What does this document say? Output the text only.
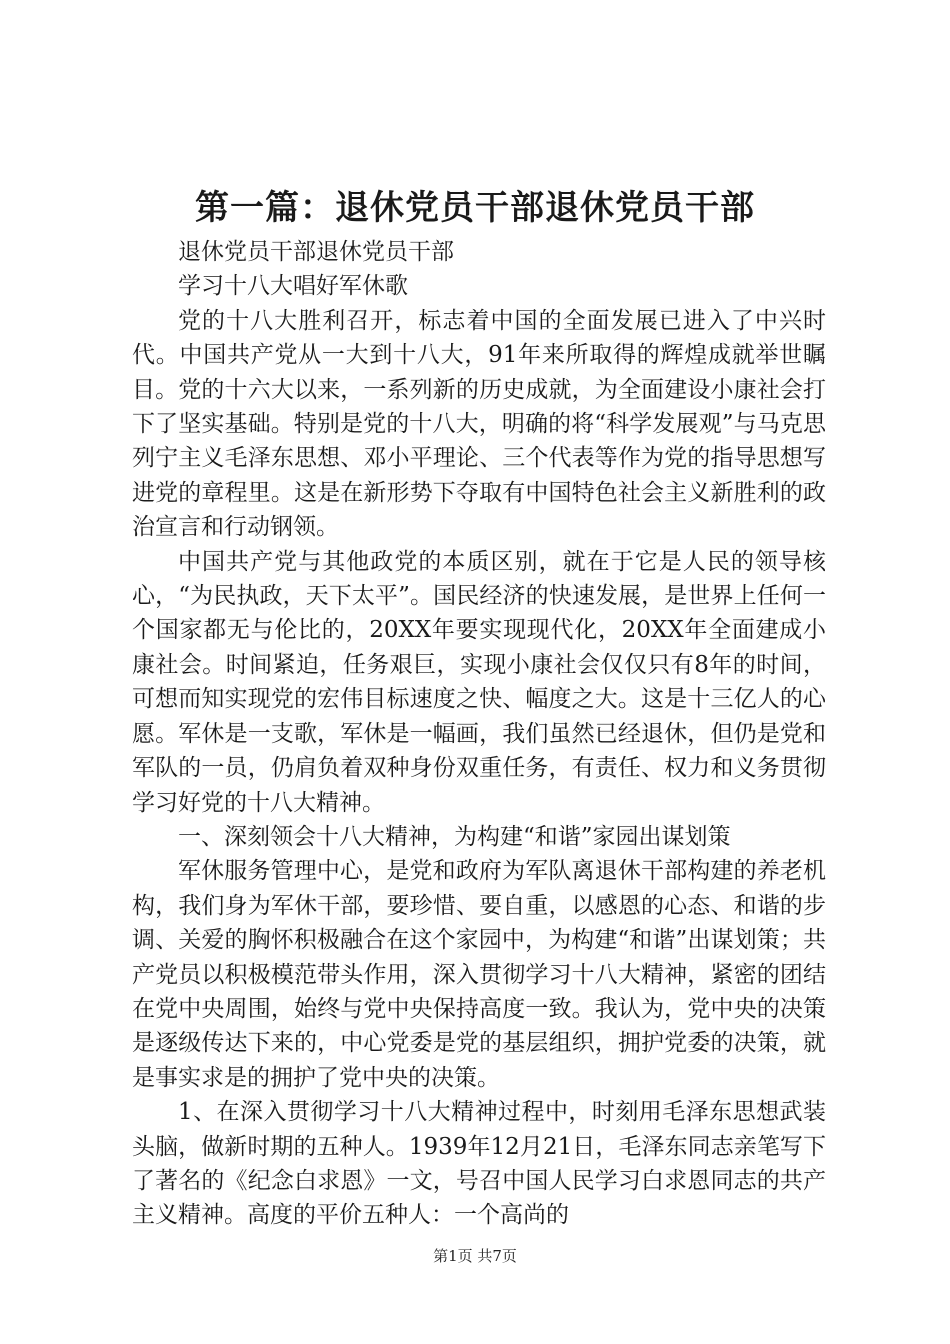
第一篇：退休党员干部退休党员干部

退休党员干部退休党员干部

学习十八大唱好军休歌

党的十八大胜利召开，标志着中国的全面发展已进入了中兴时代。中国共产党从一大到十八大，91年来所取得的辉煌成就举世瞩目。党的十六大以来，一系列新的历史成就，为全面建设小康社会打下了坚实基础。特别是党的十八大，明确的将“科学发展观”与马克思列宁主义毛泽东思想、邓小平理论、三个代表等作为党的指导思想写进党的章程里。这是在新形势下夺取有中国特色社会主义新胜利的政治宣言和行动钢领。

中国共产党与其他政党的本质区别，就在于它是人民的领导核心，“为民执政，天下太平”。国民经济的快速发展，是世界上任何一个国家都无与伦比的，20XX年要实现现代化，20XX年全面建成小康社会。时间紧迫，任务艰巨，实现小康社会仅仅只有8年的时间，可想而知实现党的宏伟目标速度之快、幅度之大。这是十三亿人的心愿。军休是一支歌，军休是一幅画，我们虽然已经退休，但仍是党和军队的一员，仍肩负着双种身份双重任务，有责任、权力和义务贯彻学习好党的十八大精神。

一、深刻领会十八大精神，为构建“和谐”家园出谋划策

军休服务管理中心，是党和政府为军队离退休干部构建的养老机构，我们身为军休干部，要珍惜、要自重，以感恩的心态、和谐的步调、关爱的胸怀积极融合在这个家园中，为构建“和谐”出谋划策；共产党员以积极模范带头作用，深入贯彻学习十八大精神，紧密的团结在党中央周围，始终与党中央保持高度一致。我认为，党中央的决策是逐级传达下来的，中心党委是党的基层组织，拥护党委的决策，就是事实求是的拥护了党中央的决策。

1、在深入贯彻学习十八大精神过程中，时刻用毛泽东思想武装头脑，做新时期的五种人。1939年12月21日，毛泽东同志亲笔写下了著名的《纪念白求恩》一文，号召中国人民学习白求恩同志的共产主义精神。高度的平价五种人：一个高尚的

第1页 共7页
